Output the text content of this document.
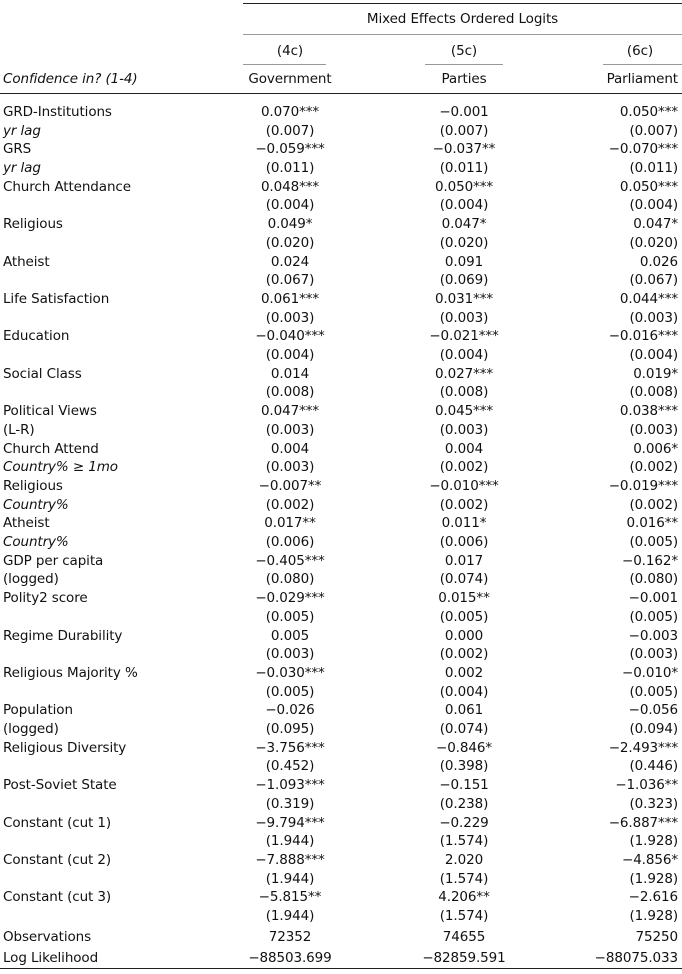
Mixed Effects Ordered Logits
(4c)	(5c)	(6c)
Confidence in? (1-4)	Government	Parties	Parliament
GRD-Institutions
yr lag
0.070***	−0.001	0.050***
(0.007)	(0.007)	(0.007)
GRS
yr lag
−0.059***	−0.037**	−0.070***
(0.011)	(0.011)	(0.011)
Church Attendance	0.048***	0.050***	0.050***
(0.004)	(0.004)	(0.004)
Religious	0.049*	0.047*	0.047*
(0.020)	(0.020)	(0.020)
Atheist	0.024	0.091	0.026
(0.067)	(0.069)	(0.067)
Life Satisfaction	0.061***	0.031***	0.044***
(0.003)	(0.003)	(0.003)
Education	−0.040***	−0.021***	−0.016***
(0.004)	(0.004)	(0.004)
Social Class	0.014	0.027***	0.019*
(0.008)	(0.008)	(0.008)
Political Views
(L-R)
0.047***	0.045***	0.038***
(0.003)	(0.003)	(0.003)
Church Attend
Country% ≥ 1mo
0.004	0.004	0.006*
(0.003)	(0.002)	(0.002)
Religious
Country%
−0.007**	−0.010***	−0.019***
(0.002)	(0.002)	(0.002)
Atheist
Country%
0.017**	0.011*	0.016**
(0.006)	(0.006)	(0.005)
GDP per capita
(logged)
−0.405***	0.017	−0.162*
(0.080)	(0.074)	(0.080)
Polity2 score	−0.029***	0.015**	−0.001
(0.005)	(0.005)	(0.005)
Regime Durability	0.005	0.000	−0.003
(0.003)	(0.002)	(0.003)
Religious Majority %	−0.030***	0.002	−0.010*
(0.005)	(0.004)	(0.005)
Population
(logged)
−0.026	0.061	−0.056
(0.095)	(0.074)	(0.094)
Religious Diversity	−3.756***	−0.846*	−2.493***
(0.452)	(0.398)	(0.446)
Post-Soviet State	−1.093***	−0.151	−1.036**
(0.319)	(0.238)	(0.323)
Constant (cut 1)	−9.794***	−0.229	−6.887***
(1.944)	(1.574)	(1.928)
Constant (cut 2)	−7.888***	2.020	−4.856*
(1.944)	(1.574)	(1.928)
Constant (cut 3)	−5.815**	4.206**	−2.616
(1.944)	(1.574)	(1.928)
Observations	72352	74655	75250
Log Likelihood	−88503.699	−82859.591	−88075.033
